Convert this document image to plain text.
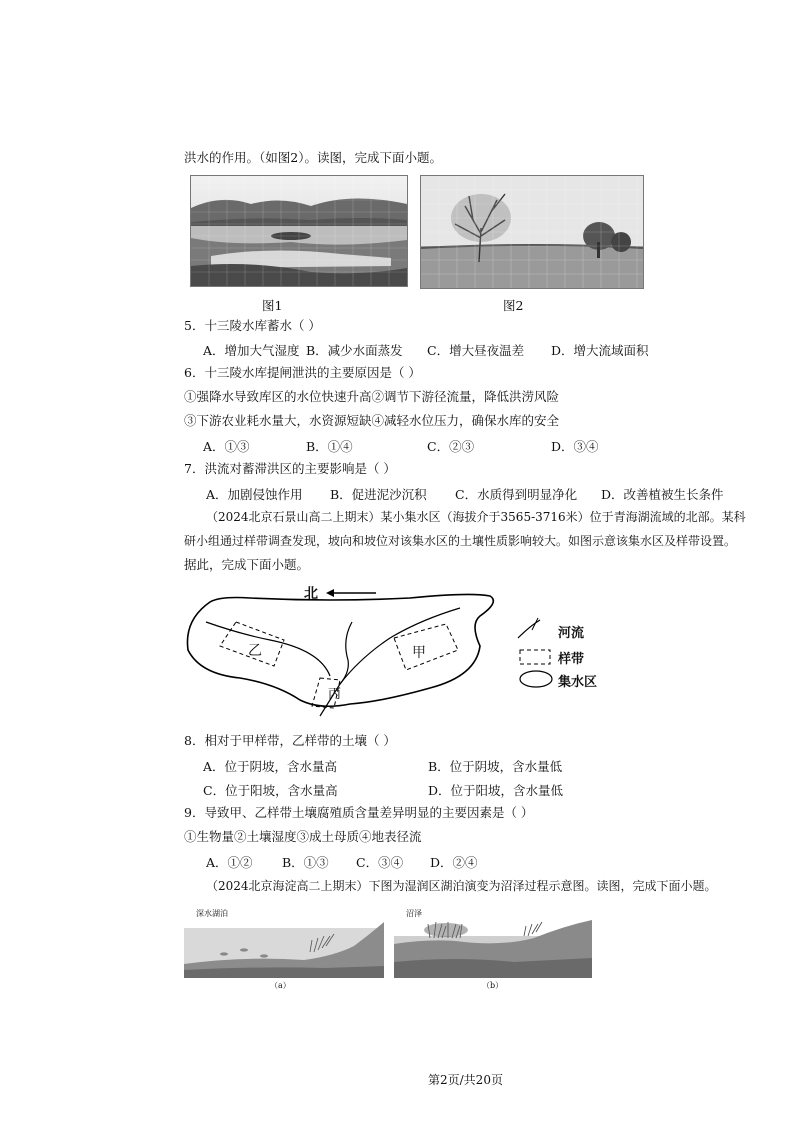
洪水的作用。（如图2）。读图，完成下面小题。
图1	图2
5．十三陵水库蓄水（ ）
A．增加大气湿度 B．减少水面蒸发 C．增大昼夜温差 D．增大流域面积
6．十三陵水库提闸泄洪的主要原因是（ ）
①强降水导致库区的水位快速升高②调节下游径流量，降低洪涝风险
③下游农业耗水量大，水资源短缺④减轻水位压力，确保水库的安全
A．①③	B．①④	C．②③	D．③④
7．洪流对蓄滞洪区的主要影响是（ ）
A．加剧侵蚀作用 B．促进泥沙沉积 C．水质得到明显净化 D．改善植被生长条件
（2024北京石景山高二上期末）某小集水区（海拔介于3565-3716米）位于青海湖流域的北部。某科
研小组通过样带调查发现，坡向和坡位对该集水区的土壤性质影响较大。如图示意该集水区及样带设置。
据此，完成下面小题。
北
乙	甲
丙
河流
样带
集水区
8．相对于甲样带，乙样带的土壤（ ）
A．位于阴坡，含水量高	B．位于阴坡，含水量低
C．位于阳坡，含水量高	D．位于阳坡，含水量低
9．导致甲、乙样带土壤腐殖质含量差异明显的主要因素是（ ）
①生物量②土壤湿度③成土母质④地表径流
A．①② B．①③ C．③④ D．②④
（2024北京海淀高二上期末）下图为湿润区湖泊演变为沼泽过程示意图。读图，完成下面小题。
深水湖泊
（a）
沼泽
（b）
第2页/共20页
